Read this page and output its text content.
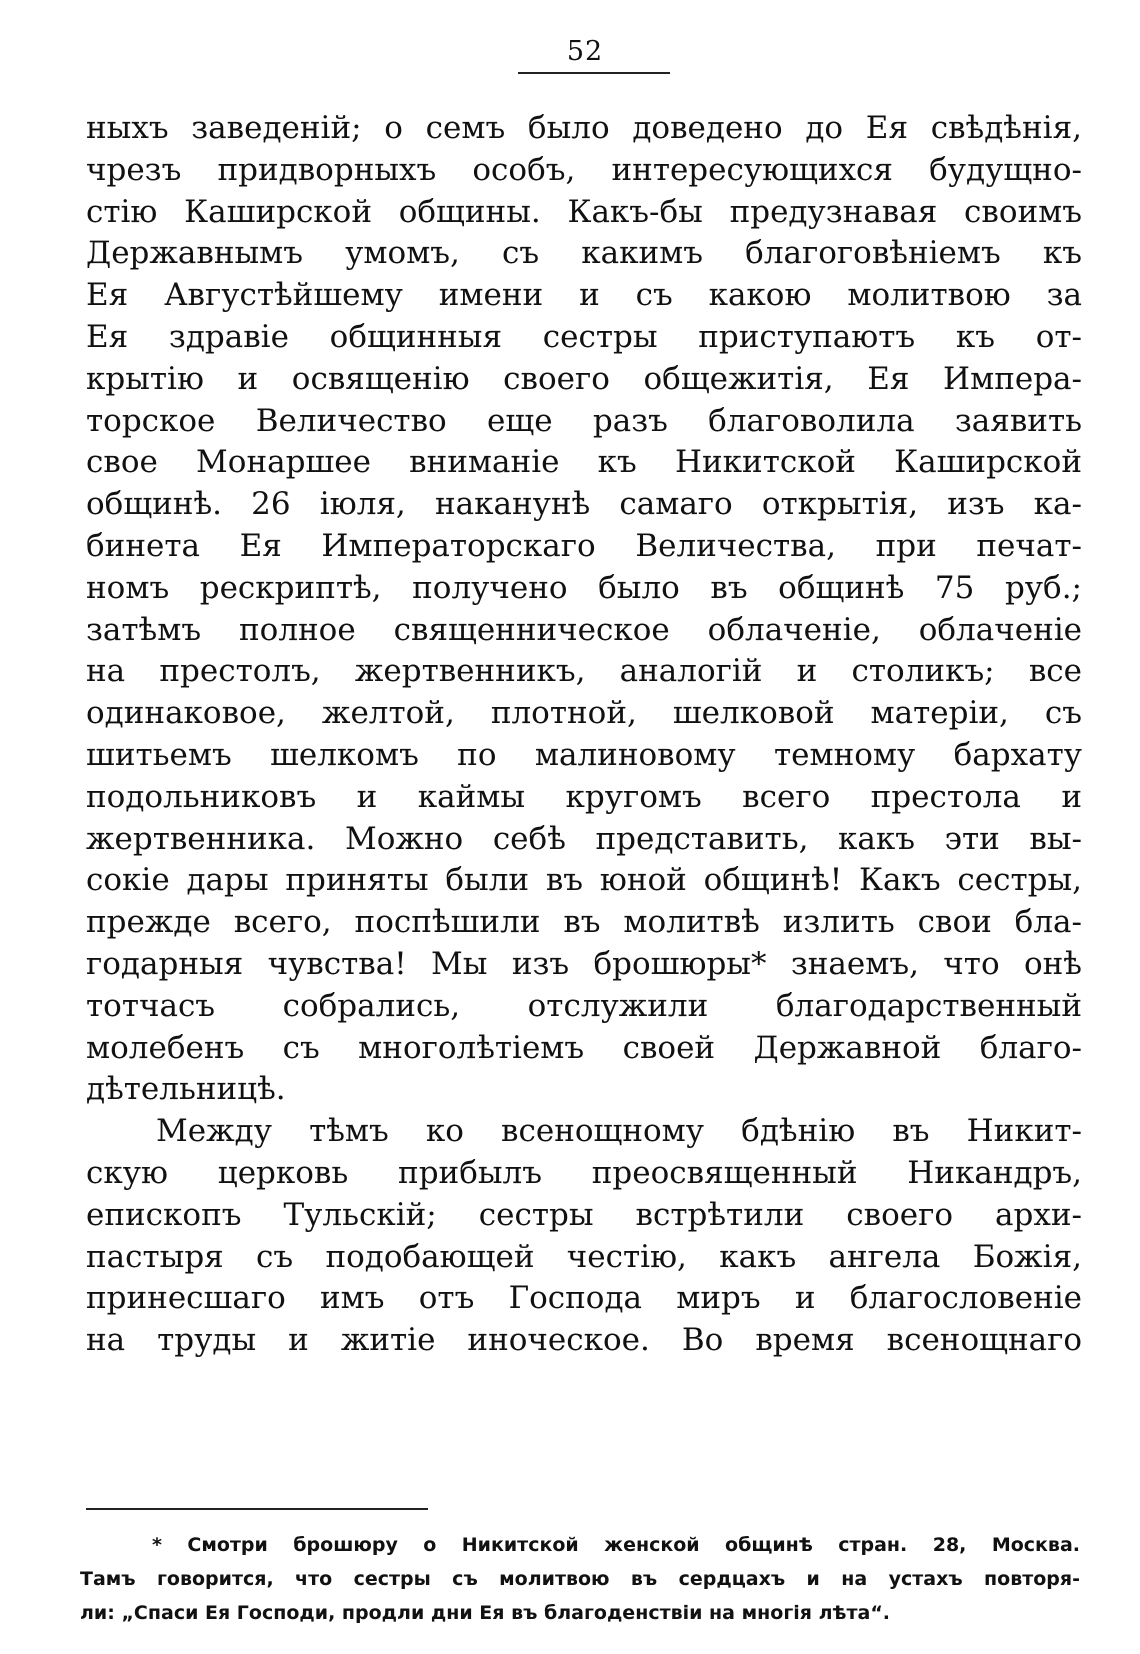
52
ныхъ заведеній; о семъ было доведено до Ея свѣдѣнія,
чрезъ придворныхъ особъ, интересующихся будущно-
стію Каширской общины. Какъ-бы предузнавая своимъ
Державнымъ умомъ, съ какимъ благоговѣніемъ къ
Ея Августѣйшему имени и съ какою молитвою за
Ея здравіе общинныя сестры приступаютъ къ от-
крытію и освященію своего общежитія, Ея Импера-
торское Величество еще разъ благоволила заявить
свое Монаршее вниманіе къ Никитской Каширской
общинѣ. 26 іюля, наканунѣ самаго открытія, изъ ка-
бинета Ея Императорскаго Величества, при печат-
номъ рескриптѣ, получено было въ общинѣ 75 руб.;
затѣмъ полное священническое облаченіе, облаченіе
на престолъ, жертвенникъ, аналогій и столикъ; все
одинаковое, желтой, плотной, шелковой матеріи, съ
шитьемъ шелкомъ по малиновому темному бархату
подольниковъ и каймы кругомъ всего престола и
жертвенника. Можно себѣ представить, какъ эти вы-
сокіе дары приняты были въ юной общинѣ! Какъ сестры,
прежде всего, поспѣшили въ молитвѣ излить свои бла-
годарныя чувства! Мы изъ брошюры* знаемъ, что онѣ
тотчасъ собрались, отслужили благодарственный
молебенъ съ многолѣтіемъ своей Державной благо-
дѣтельницѣ.
Между тѣмъ ко всенощному бдѣнію въ Никит-
скую церковь прибылъ преосвященный Никандръ,
епископъ Тульскій; сестры встрѣтили своего архи-
пастыря съ подобающей честію, какъ ангела Божія,
принесшаго имъ отъ Господа миръ и благословеніе
на труды и житіе иноческое. Во время всенощнаго
* Смотри брошюру о Никитской женской общинѣ стран. 28, Москва.
Тамъ говорится, что сестры съ молитвою въ сердцахъ и на устахъ повторя-
ли: „Спаси Ея Господи, продли дни Ея въ благоденствіи на многія лѣта“.
